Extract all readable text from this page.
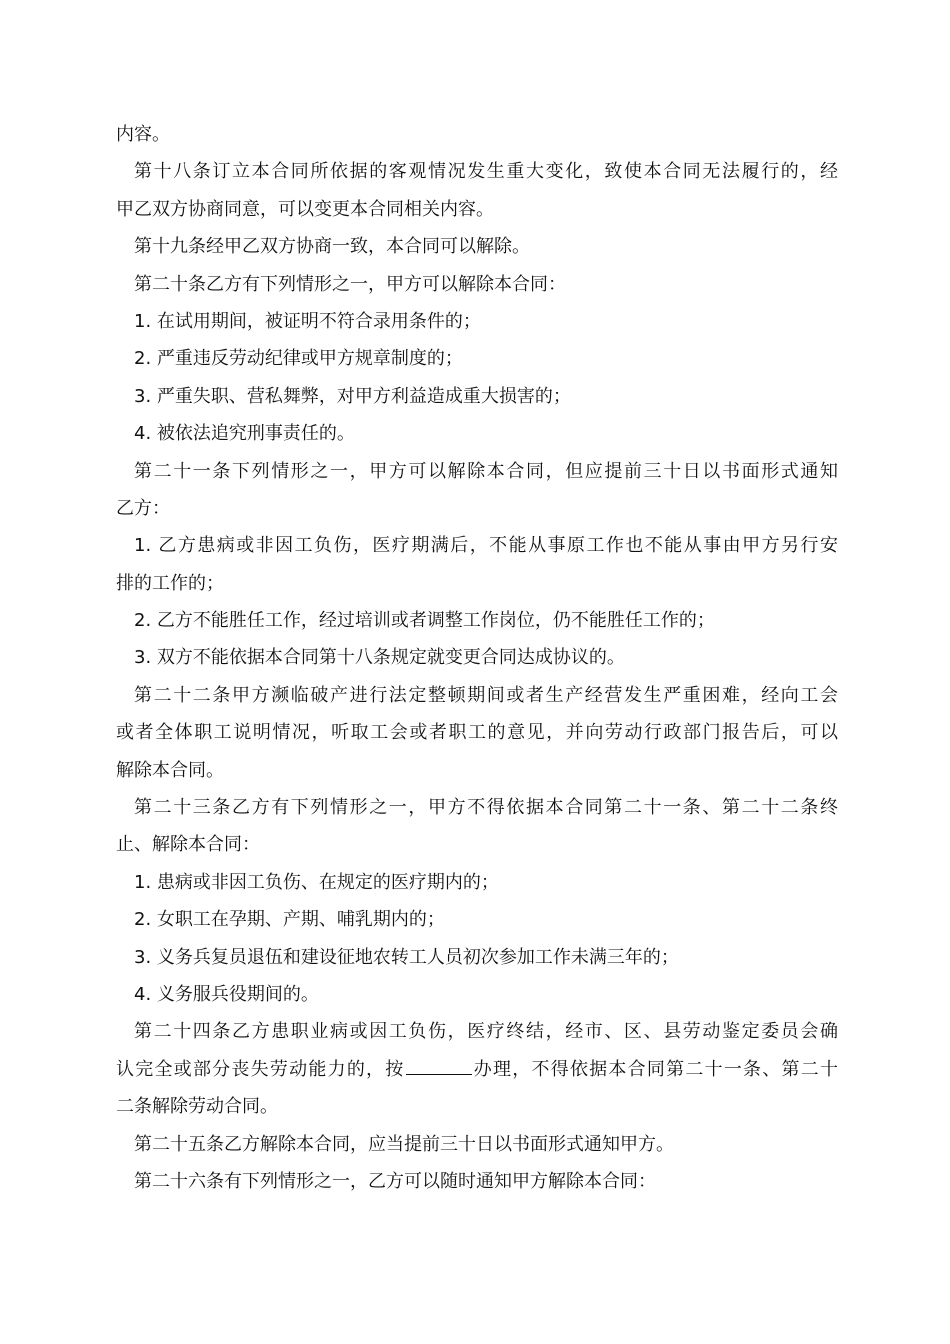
内容。
第十八条订立本合同所依据的客观情况发生重大变化，致使本合同无法履行的，经
甲乙双方协商同意，可以变更本合同相关内容。
第十九条经甲乙双方协商一致，本合同可以解除。
第二十条乙方有下列情形之一，甲方可以解除本合同：
1. 在试用期间，被证明不符合录用条件的；
2. 严重违反劳动纪律或甲方规章制度的；
3. 严重失职、营私舞弊，对甲方利益造成重大损害的；
4. 被依法追究刑事责任的。
第二十一条下列情形之一，甲方可以解除本合同，但应提前三十日以书面形式通知
乙方：
1. 乙方患病或非因工负伤，医疗期满后，不能从事原工作也不能从事由甲方另行安
排的工作的；
2. 乙方不能胜任工作，经过培训或者调整工作岗位，仍不能胜任工作的；
3. 双方不能依据本合同第十八条规定就变更合同达成协议的。
第二十二条甲方濒临破产进行法定整顿期间或者生产经营发生严重困难，经向工会
或者全体职工说明情况，听取工会或者职工的意见，并向劳动行政部门报告后，可以
解除本合同。
第二十三条乙方有下列情形之一，甲方不得依据本合同第二十一条、第二十二条终
止、解除本合同：
1. 患病或非因工负伤、在规定的医疗期内的；
2. 女职工在孕期、产期、哺乳期内的；
3. 义务兵复员退伍和建设征地农转工人员初次参加工作未满三年的；
4. 义务服兵役期间的。
第二十四条乙方患职业病或因工负伤，医疗终结，经市、区、县劳动鉴定委员会确
认完全或部分丧失劳动能力的，按	办理，不得依据本合同第二十一条、第二十
二条解除劳动合同。
第二十五条乙方解除本合同，应当提前三十日以书面形式通知甲方。
第二十六条有下列情形之一，乙方可以随时通知甲方解除本合同：
